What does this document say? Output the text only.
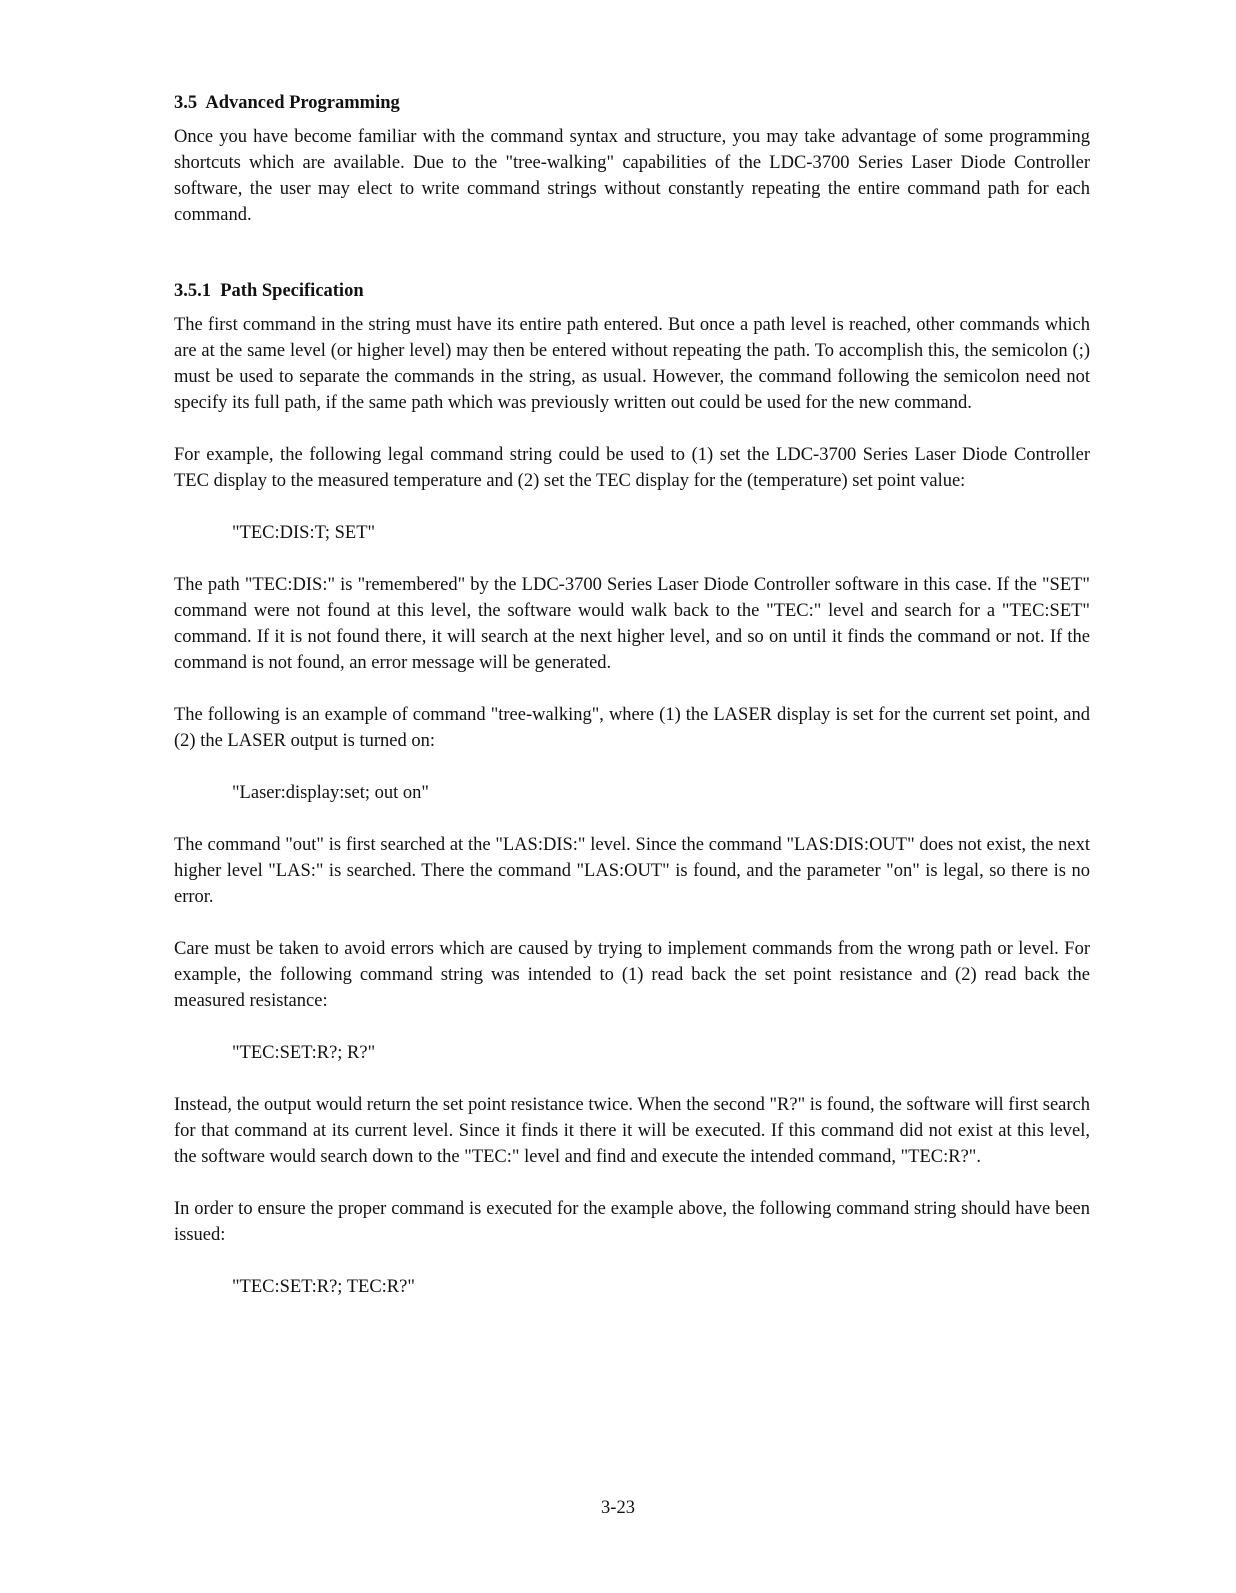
3.5  Advanced Programming

Once you have become familiar with the command syntax and structure, you may take advantage of some programming shortcuts which are available. Due to the "tree-walking" capabilities of the LDC-3700 Series Laser Diode Controller software, the user may elect to write command strings without constantly repeating the entire command path for each command.

3.5.1  Path Specification

The first command in the string must have its entire path entered. But once a path level is reached, other commands which are at the same level (or higher level) may then be entered without repeating the path. To accomplish this, the semicolon (;) must be used to separate the commands in the string, as usual. However, the command following the semicolon need not specify its full path, if the same path which was previously written out could be used for the new command.

For example, the following legal command string could be used to (1) set the LDC-3700 Series Laser Diode Controller TEC display to the measured temperature and (2) set the TEC display for the (temperature) set point value:

"TEC:DIS:T; SET"

The path "TEC:DIS:" is "remembered" by the LDC-3700 Series Laser Diode Controller software in this case. If the "SET" command were not found at this level, the software would walk back to the "TEC:" level and search for a "TEC:SET" command. If it is not found there, it will search at the next higher level, and so on until it finds the command or not. If the command is not found, an error message will be generated.

The following is an example of command "tree-walking", where (1) the LASER display is set for the current set point, and (2) the LASER output is turned on:

"Laser:display:set; out on"

The command "out" is first searched at the "LAS:DIS:" level. Since the command "LAS:DIS:OUT" does not exist, the next higher level "LAS:" is searched. There the command "LAS:OUT" is found, and the parameter "on" is legal, so there is no error.

Care must be taken to avoid errors which are caused by trying to implement commands from the wrong path or level. For example, the following command string was intended to (1) read back the set point resistance and (2) read back the measured resistance:

"TEC:SET:R?; R?"

Instead, the output would return the set point resistance twice. When the second "R?" is found, the software will first search for that command at its current level. Since it finds it there it will be executed. If this command did not exist at this level, the software would search down to the "TEC:" level and find and execute the intended command, "TEC:R?".

In order to ensure the proper command is executed for the example above, the following command string should have been issued:

"TEC:SET:R?; TEC:R?"

3-23
